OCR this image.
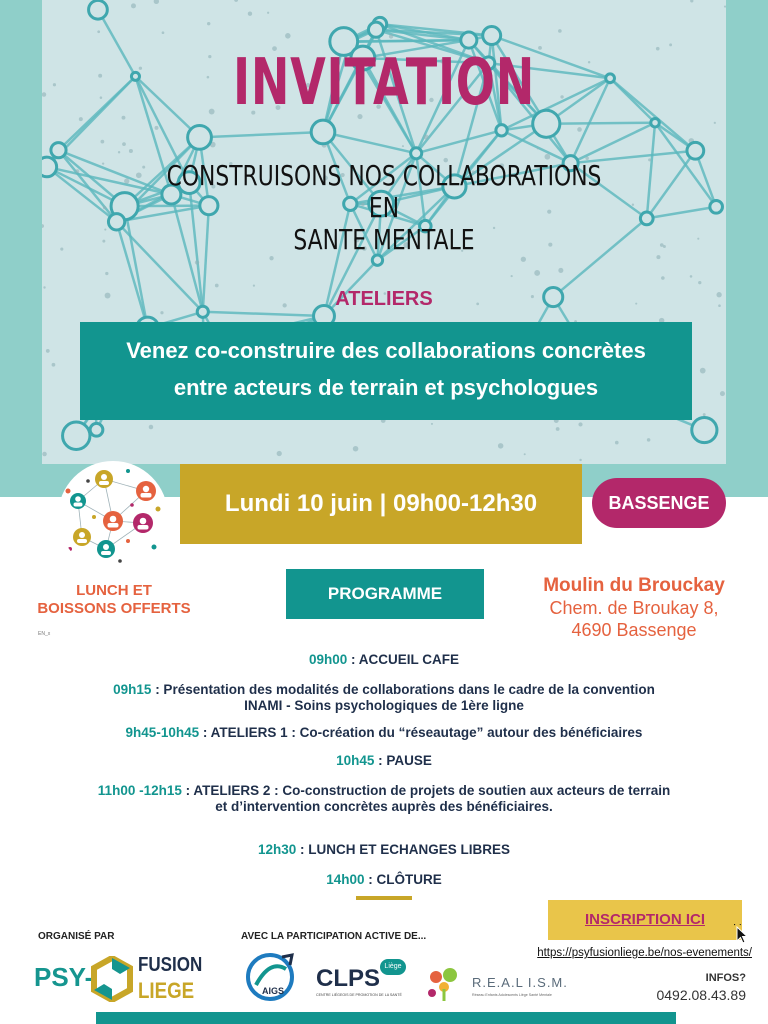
INVITATION
CONSTRUISONS NOS COLLABORATIONS EN
SANTE MENTALE
ATELIERS
Venez co-construire des collaborations concrètes
entre acteurs de terrain et psychologues
Lundi 10 juin | 09h00-12h30	BASSENGE
LUNCH ET
BOISSONS OFFERTS
EN_x
PROGRAMME	Moulin du Brouckay
Chem. de Broukay 8,
4690 Bassenge
09h00 : ACCUEIL CAFE
09h15 : Présentation des modalités de collaborations dans le cadre de la convention
INAMI - Soins psychologiques de 1ère ligne
9h45-10h45 : ATELIERS 1 : Co-création du “réseautage” autour des bénéficiaires
10h45 : PAUSE
11h00 -12h15 : ATELIERS 2 : Co-construction de projets de soutien aux acteurs de terrain
et d’intervention concrètes auprès des bénéficiaires.
12h30 : LUNCH ET ECHANGES LIBRES
14h00 : CLÔTURE
ORGANISÉ PAR	AVEC LA PARTICIPATION ACTIVE DE...
INSCRIPTION ICI
https://psyfusionliege.be/nos-evenements/
INFOS?
0492.08.43.89
PSY- FUSION
LIEGE	AIGS CLPS Liège
CENTRE LIÉGEOIS DE PROMOTION DE LA SANTÉ
R.E.A.L I.S.M.
Réseau Enfants Adolescents Liège Santé Mentale
